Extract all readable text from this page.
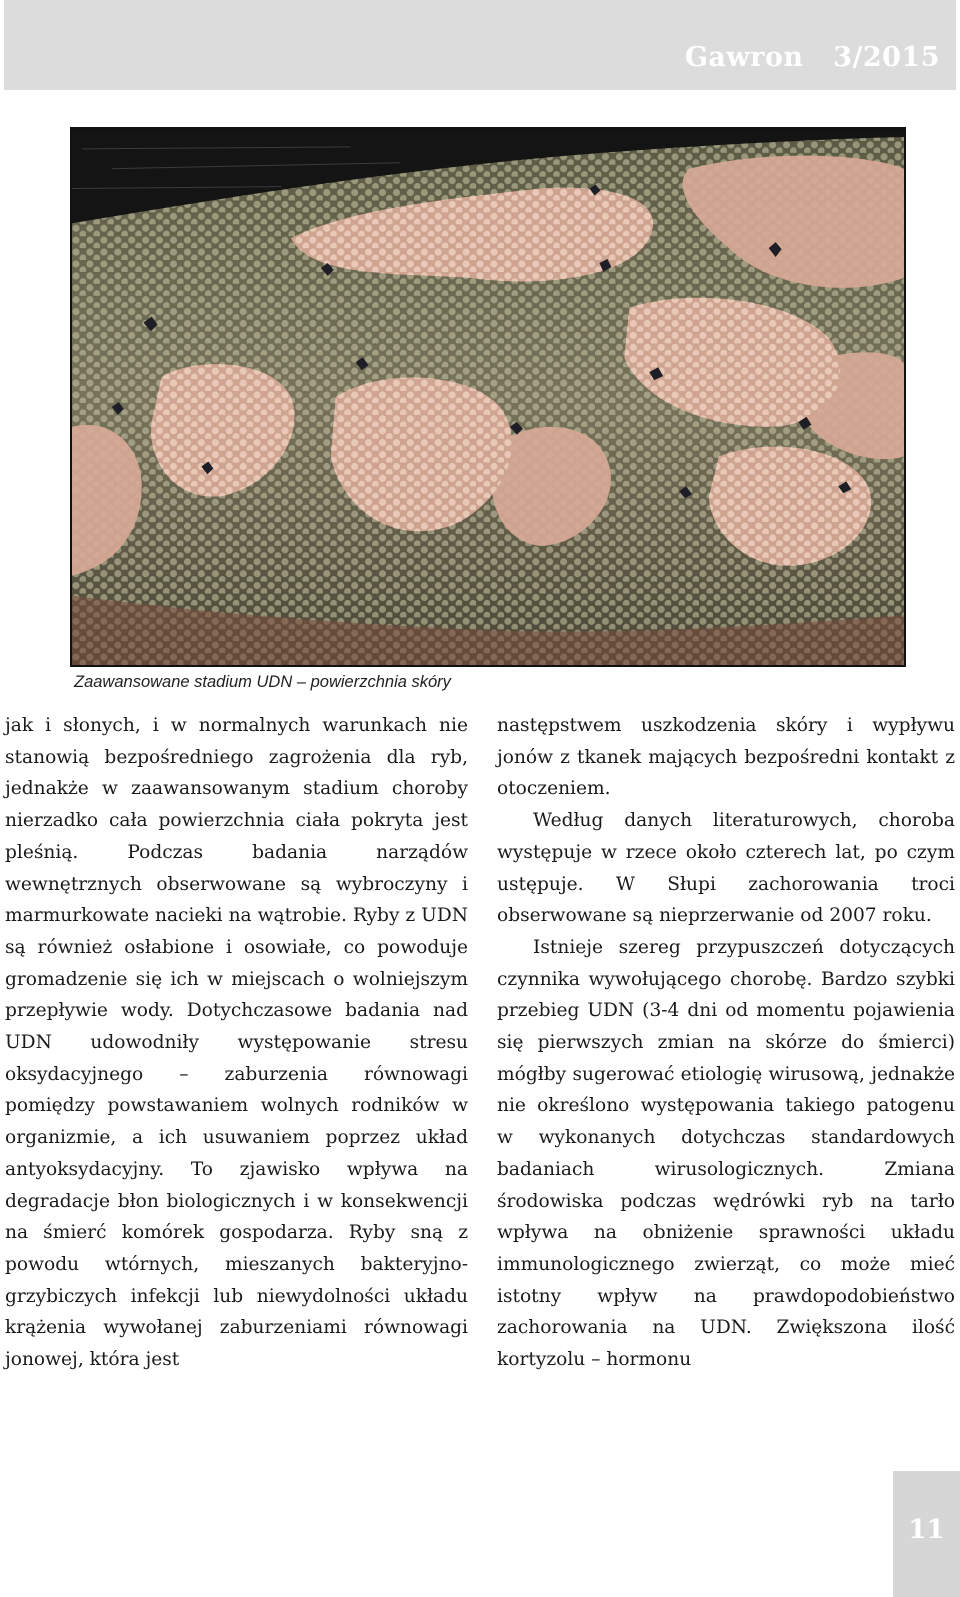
Gawron   3/2015
Zaawansowane stadium UDN – powierzchnia skóry

jak i słonych, i w normalnych warunkach nie stanowią bezpośredniego zagrożenia dla ryb, jednakże w zaawansowanym stadium choroby nierzadko cała powierzchnia ciała pokryta jest pleśnią. Podczas badania narządów wewnętrznych obserwowane są wybroczyny i marmurkowate nacieki na wątrobie. Ryby z UDN są również osłabione i osowiałe, co powoduje gromadzenie się ich w miejscach o wolniejszym przepływie wody. Dotychczasowe badania nad UDN udowodniły występowanie stresu oksydacyjnego – zaburzenia równowagi pomiędzy powstawaniem wolnych rodników w organizmie, a ich usuwaniem poprzez układ antyoksydacyjny. To zjawisko wpływa na degradacje błon biologicznych i w konsekwencji na śmierć komórek gospodarza. Ryby sną z powodu wtórnych, mieszanych bakteryjno-grzybiczych infekcji lub niewydolności układu krążenia wywołanej zaburzeniami równowagi jonowej, która jest

następstwem uszkodzenia skóry i wypływu jonów z tkanek mających bezpośredni kontakt z otoczeniem.

Według danych literaturowych, choroba występuje w rzece około czterech lat, po czym ustępuje. W Słupi zachorowania troci obserwowane są nieprzerwanie od 2007 roku.

Istnieje szereg przypuszczeń dotyczących czynnika wywołującego chorobę. Bardzo szybki przebieg UDN (3-4 dni od momentu pojawienia się pierwszych zmian na skórze do śmierci) mógłby sugerować etiologię wirusową, jednakże nie określono występowania takiego patogenu w wykonanych dotychczas standardowych badaniach wirusologicznych. Zmiana środowiska podczas wędrówki ryb na tarło wpływa na obniżenie sprawności układu immunologicznego zwierząt, co może mieć istotny wpływ na prawdopodobieństwo zachorowania na UDN. Zwiększona ilość kortyzolu – hormonu

11
